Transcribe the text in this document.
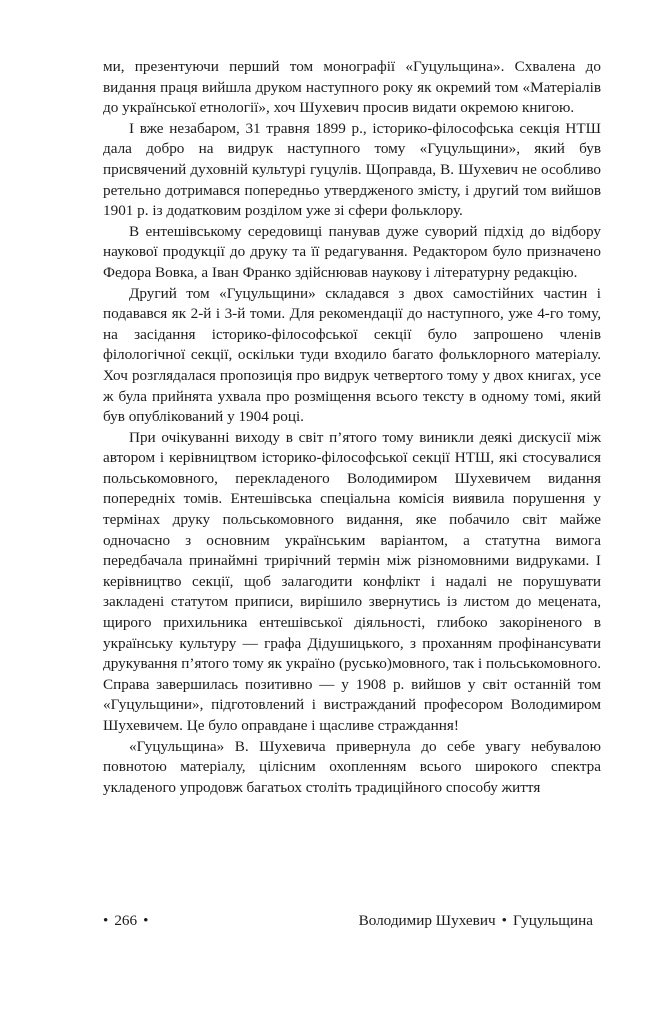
ми, презентуючи перший том монографії «Гуцульщина». Схвалена до видання праця вийшла друком наступного року як окремий том «Матеріалів до української етнології», хоч Шухевич просив видати окремою книгою.

І вже незабаром, 31 травня 1899 р., історико-філософська секція НТШ дала добро на видрук наступного тому «Гуцульщини», який був присвячений духовній культурі гуцулів. Щоправда, В. Шухевич не особливо ретельно дотримався попередньо утвердженого змісту, і другий том вийшов 1901 р. із додатковим розділом уже зі сфери фольклору.

В ентешівському середовищі панував дуже суворий підхід до відбору наукової продукції до друку та її редагування. Редактором було призначено Федора Вовка, а Іван Франко здійснював наукову і літературну редакцію.

Другий том «Гуцульщини» складався з двох самостійних частин і подавався як 2-й і 3-й томи. Для рекомендації до наступного, уже 4-го тому, на засідання історико-філософської секції було запрошено членів філологічної секції, оскільки туди входило багато фольклорного матеріалу. Хоч розглядалася пропозиція про видрук четвертого тому у двох книгах, усе ж була прийнята ухвала про розміщення всього тексту в одному томі, який був опублікований у 1904 році.

При очікуванні виходу в світ п’ятого тому виникли деякі дискусії між автором і керівництвом історико-філософської секції НТШ, які стосувалися польськомовного, перекладеного Володимиром Шухевичем видання попередніх томів. Ентешівська спеціальна комісія виявила порушення у термінах друку польськомовного видання, яке побачило світ майже одночасно з основним українським варіантом, а статутна вимога передбачала принаймні трирічний термін між різномовними видруками. І керівництво секції, щоб залагодити конфлікт і надалі не порушувати закладені статутом приписи, вирішило звернутись із листом до мецената, щирого прихильника ентешівської діяльності, глибоко закоріненого в українську культуру — графа Дідушицького, з проханням профінансувати друкування п’ятого тому як україно (русько)мовного, так і польськомовного. Справа завершилась позитивно — у 1908 р. вийшов у світ останній том «Гуцульщини», підготовлений і вистражданий професором Володимиром Шухевичем. Це було оправдане і щасливе страждання!

«Гуцульщина» В. Шухевича привернула до себе увагу небувалою повнотою матеріалу, цілісним охопленням всього широкого спектра укладеного упродовж багатьох століть традиційного способу життя

• 266 •	Володимир Шухевич • Гуцульщина
